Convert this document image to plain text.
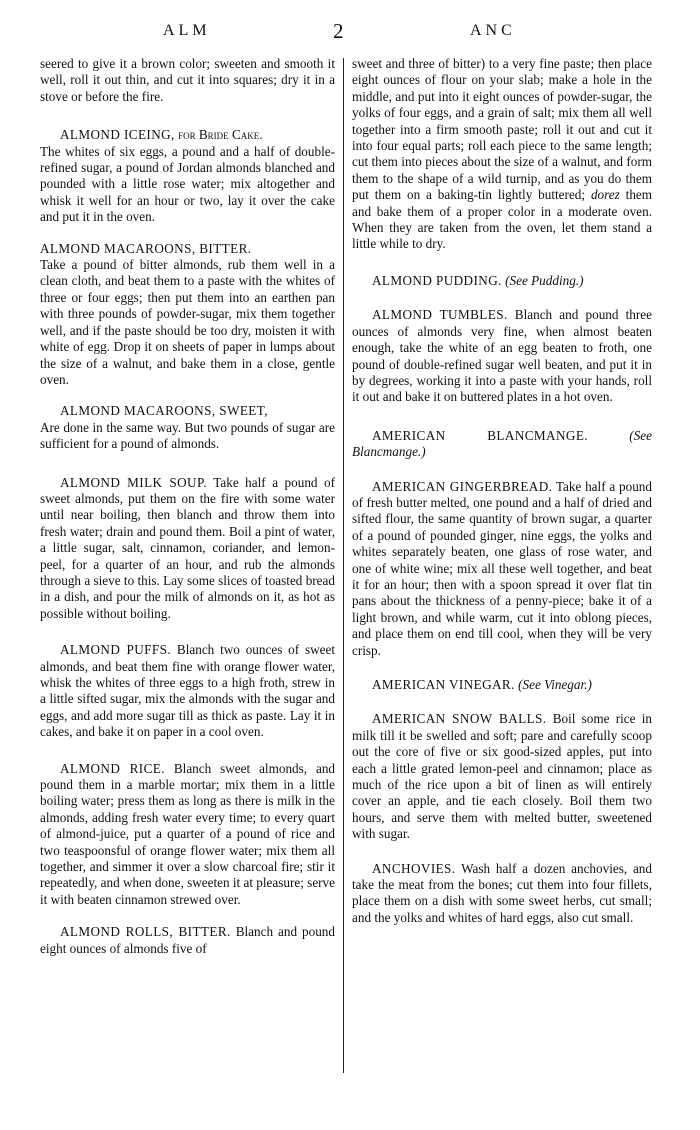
ALM	2	ANC

seered to give it a brown color; sweeten and smooth it well, roll it out thin, and cut it into squares; dry it in a stove or before the fire.

ALMOND ICEING, for Bride Cake.

The whites of six eggs, a pound and a half of double-refined sugar, a pound of Jordan almonds blanched and pounded with a little rose water; mix altogether and whisk it well for an hour or two, lay it over the cake and put it in the oven.

ALMOND MACAROONS, BITTER.

Take a pound of bitter almonds, rub them well in a clean cloth, and beat them to a paste with the whites of three or four eggs; then put them into an earthen pan with three pounds of powder-sugar, mix them together well, and if the paste should be too dry, moisten it with white of egg. Drop it on sheets of paper in lumps about the size of a walnut, and bake them in a close, gentle oven.

ALMOND MACAROONS, SWEET,

Are done in the same way. But two pounds of sugar are sufficient for a pound of almonds.

ALMOND MILK SOUP. Take half a pound of sweet almonds, put them on the fire with some water until near boiling, then blanch and throw them into fresh water; drain and pound them. Boil a pint of water, a little sugar, salt, cinnamon, coriander, and lemon-peel, for a quarter of an hour, and rub the almonds through a sieve to this. Lay some slices of toasted bread in a dish, and pour the milk of almonds on it, as hot as possible without boiling.

ALMOND PUFFS. Blanch two ounces of sweet almonds, and beat them fine with orange flower water, whisk the whites of three eggs to a high froth, strew in a little sifted sugar, mix the almonds with the sugar and eggs, and add more sugar till as thick as paste. Lay it in cakes, and bake it on paper in a cool oven.

ALMOND RICE. Blanch sweet almonds, and pound them in a marble mortar; mix them in a little boiling water; press them as long as there is milk in the almonds, adding fresh water every time; to every quart of almond-juice, put a quarter of a pound of rice and two teaspoonsful of orange flower water; mix them all together, and simmer it over a slow charcoal fire; stir it repeatedly, and when done, sweeten it at pleasure; serve it with beaten cinnamon strewed over.

ALMOND ROLLS, BITTER. Blanch and pound eight ounces of almonds five of

sweet and three of bitter) to a very fine paste; then place eight ounces of flour on your slab; make a hole in the middle, and put into it eight ounces of powder-sugar, the yolks of four eggs, and a grain of salt; mix them all well together into a firm smooth paste; roll it out and cut it into four equal parts; roll each piece to the same length; cut them into pieces about the size of a walnut, and form them to the shape of a wild turnip, and as you do them put them on a baking-tin lightly buttered; dorez them and bake them of a proper color in a moderate oven. When they are taken from the oven, let them stand a little while to dry.

ALMOND PUDDING. (See Pudding.)

ALMOND TUMBLES. Blanch and pound three ounces of almonds very fine, when almost beaten enough, take the white of an egg beaten to froth, one pound of double-refined sugar well beaten, and put it in by degrees, working it into a paste with your hands, roll it out and bake it on buttered plates in a hot oven.

AMERICAN BLANCMANGE.	(See Blancmange.)

AMERICAN GINGERBREAD. Take half a pound of fresh butter melted, one pound and a half of dried and sifted flour, the same quantity of brown sugar, a quarter of a pound of pounded ginger, nine eggs, the yolks and whites separately beaten, one glass of rose water, and one of white wine; mix all these well together, and beat it for an hour; then with a spoon spread it over flat tin pans about the thickness of a penny-piece; bake it of a light brown, and while warm, cut it into oblong pieces, and place them on end till cool, when they will be very crisp.

AMERICAN VINEGAR. (See Vinegar.)

AMERICAN SNOW BALLS. Boil some rice in milk till it be swelled and soft; pare and carefully scoop out the core of five or six good-sized apples, put into each a little grated lemon-peel and cinnamon; place as much of the rice upon a bit of linen as will entirely cover an apple, and tie each closely. Boil them two hours, and serve them with melted butter, sweetened with sugar.

ANCHOVIES. Wash half a dozen anchovies, and take the meat from the bones; cut them into four fillets, place them on a dish with some sweet herbs, cut small; and the yolks and whites of hard eggs, also cut small.
